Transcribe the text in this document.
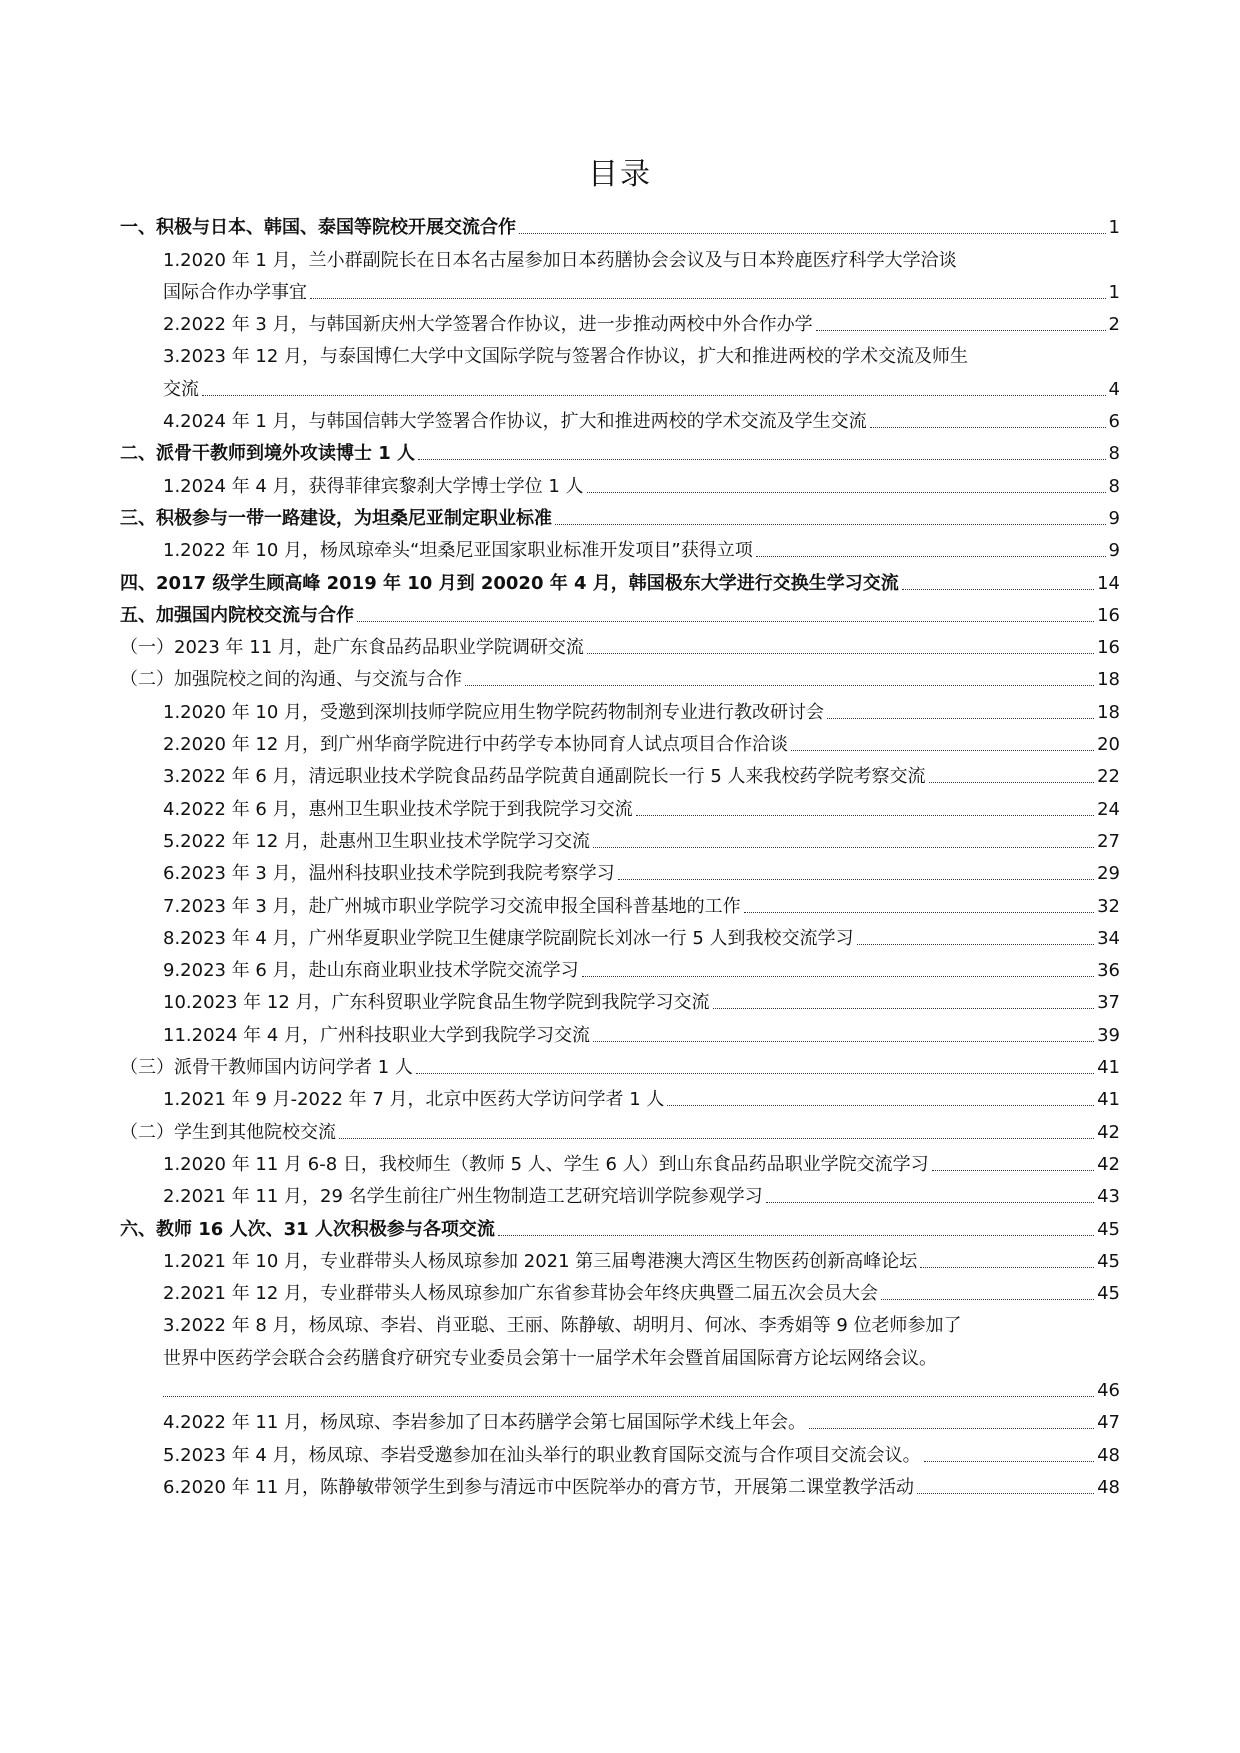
目录
一、积极与日本、韩国、泰国等院校开展交流合作	1
1.2020 年 1 月，兰小群副院长在日本名古屋参加日本药膳协会会议及与日本羚鹿医疗科学大学洽谈
国际合作办学事宜	1
2.2022 年 3 月，与韩国新庆州大学签署合作协议，进一步推动两校中外合作办学	2
3.2023 年 12 月，与泰国博仁大学中文国际学院与签署合作协议，扩大和推进两校的学术交流及师生
交流	4
4.2024 年 1 月，与韩国信韩大学签署合作协议，扩大和推进两校的学术交流及学生交流	6
二、派骨干教师到境外攻读博士 1 人	8
1.2024 年 4 月，获得菲律宾黎刹大学博士学位 1 人	8
三、积极参与一带一路建设，为坦桑尼亚制定职业标准	9
1.2022 年 10 月，杨凤琼牵头“坦桑尼亚国家职业标准开发项目”获得立项	9
四、2017 级学生顾高峰 2019 年 10 月到 20020 年 4 月，韩国极东大学进行交换生学习交流	14
五、加强国内院校交流与合作	16
（一）2023 年 11 月，赴广东食品药品职业学院调研交流	16
（二）加强院校之间的沟通、与交流与合作	18
1.2020 年 10 月，受邀到深圳技师学院应用生物学院药物制剂专业进行教改研讨会	18
2.2020 年 12 月，到广州华商学院进行中药学专本协同育人试点项目合作洽谈	20
3.2022 年 6 月，清远职业技术学院食品药品学院黄自通副院长一行 5 人来我校药学院考察交流	22
4.2022 年 6 月，惠州卫生职业技术学院于到我院学习交流	24
5.2022 年 12 月，赴惠州卫生职业技术学院学习交流	27
6.2023 年 3 月，温州科技职业技术学院到我院考察学习	29
7.2023 年 3 月，赴广州城市职业学院学习交流申报全国科普基地的工作	32
8.2023 年 4 月，广州华夏职业学院卫生健康学院副院长刘冰一行 5 人到我校交流学习	34
9.2023 年 6 月，赴山东商业职业技术学院交流学习	36
10.2023 年 12 月，广东科贸职业学院食品生物学院到我院学习交流	37
11.2024 年 4 月，广州科技职业大学到我院学习交流	39
（三）派骨干教师国内访问学者 1 人	41
1.2021 年 9 月-2022 年 7 月，北京中医药大学访问学者 1 人	41
（二）学生到其他院校交流	42
1.2020 年 11 月 6-8 日，我校师生（教师 5 人、学生 6 人）到山东食品药品职业学院交流学习	42
2.2021 年 11 月，29 名学生前往广州生物制造工艺研究培训学院参观学习	43
六、教师 16 人次、31 人次积极参与各项交流	45
1.2021 年 10 月，专业群带头人杨凤琼参加 2021 第三届粤港澳大湾区生物医药创新高峰论坛	45
2.2021 年 12 月，专业群带头人杨凤琼参加广东省参茸协会年终庆典暨二届五次会员大会	45
3.2022 年 8 月，杨凤琼、李岩、肖亚聪、王丽、陈静敏、胡明月、何冰、李秀娟等 9 位老师参加了
世界中医药学会联合会药膳食疗研究专业委员会第十一届学术年会暨首届国际膏方论坛网络会议。
46
4.2022 年 11 月，杨凤琼、李岩参加了日本药膳学会第七届国际学术线上年会。	47
5.2023 年 4 月，杨凤琼、李岩受邀参加在汕头举行的职业教育国际交流与合作项目交流会议。	48
6.2020 年 11 月，陈静敏带领学生到参与清远市中医院举办的膏方节，开展第二课堂教学活动	48
